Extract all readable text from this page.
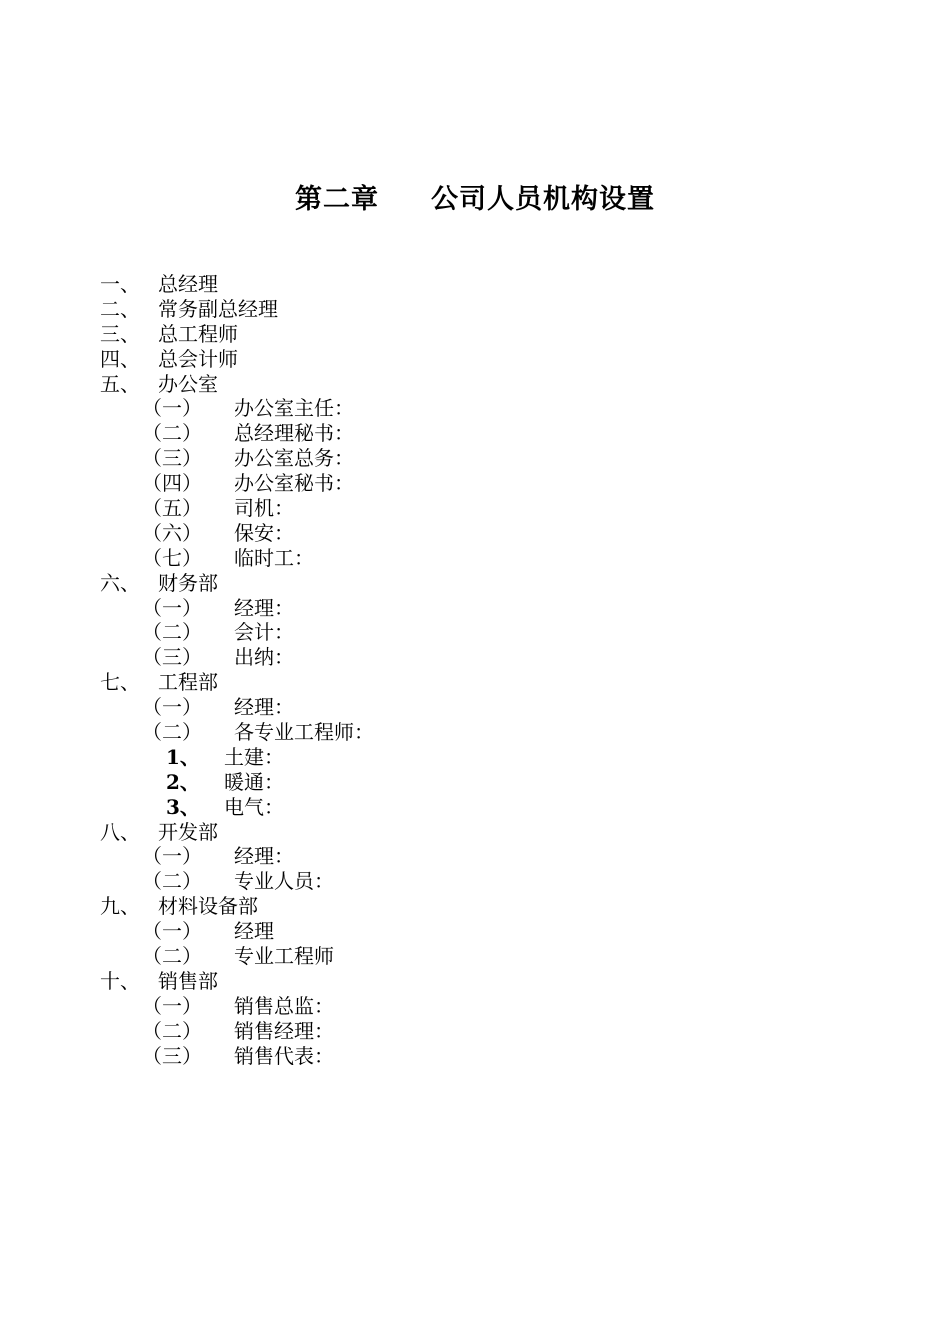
第二章 公司人员机构设置
一、 总经理
二、 常务副总经理
三、 总工程师
四、 总会计师
五、 办公室
（一） 办公室主任：
（二） 总经理秘书：
（三） 办公室总务：
（四） 办公室秘书：
（五） 司机：
（六） 保安：
（七） 临时工：
六、 财务部
（一） 经理：
（二） 会计：
（三） 出纳：
七、 工程部
（一） 经理：
（二） 各专业工程师：
1、 土建：
2、 暖通：
3、 电气：
八、 开发部
（一） 经理：
（二） 专业人员：
九、 材料设备部
（一） 经理
（二） 专业工程师
十、 销售部
（一） 销售总监：
（二） 销售经理：
（三） 销售代表：
